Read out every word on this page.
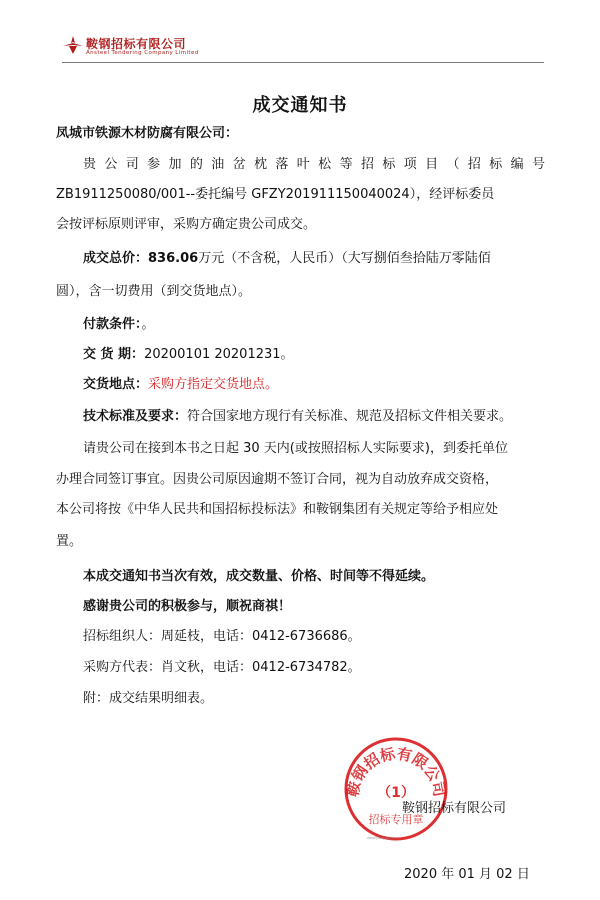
鞍钢招标有限公司
Ansteel Tendering Company Limited
成交通知书
凤城市铁源木材防腐有限公司：
贵公司参加的油岔枕落叶松等招标项目（招标编号
ZB1911250080/001--委托编号 GFZY201911150040024），经评标委员
会按评标原则评审，采购方确定贵公司成交。
成交总价：836.06万元（不含税，人民币）（大写捌佰叁拾陆万零陆佰
圆），含一切费用（到交货地点）。
付款条件：。
交 货 期：20200101 20201231。
交货地点：采购方指定交货地点。
技术标准及要求：符合国家地方现行有关标准、规范及招标文件相关要求。
请贵公司在接到本书之日起 30 天内(或按照招标人实际要求)，到委托单位
办理合同签订事宜。因贵公司原因逾期不签订合同，视为自动放弃成交资格，
本公司将按《中华人民共和国招标投标法》和鞍钢集团有关规定等给予相应处
置。
本成交通知书当次有效，成交数量、价格、时间等不得延续。
感谢贵公司的积极参与，顺祝商祺！
招标组织人：周延枝，电话：0412-6736686。
采购方代表：肖文秋，电话：0412-6734782。
附：成交结果明细表。
鞍钢招标有限公司
（1）
招标专用章
2020年01月02日17
鞍钢招标有限公司
2020 年 01 月 02 日
